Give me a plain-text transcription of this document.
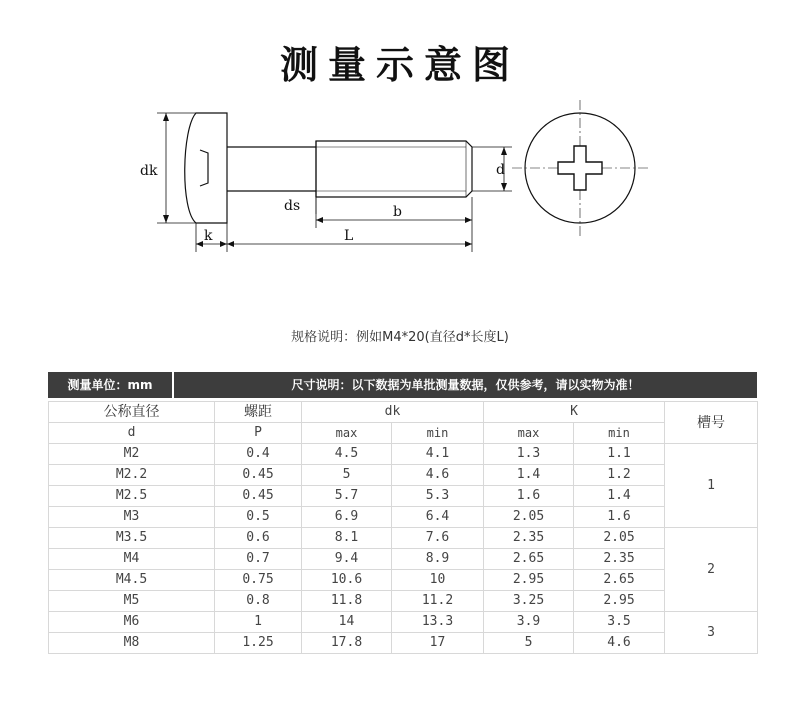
测量示意图
dk
k
ds	b
L
d
规格说明：例如M4*20(直径d*长度L)
测量单位：mm	尺寸说明：以下数据为单批测量数据，仅供参考，请以实物为准！
公称直径	螺距	dk		K		槽号
d	P	max	min	max	min	
M2	0.4	4.5	4.1	1.3	1.1	1
M2.2	0.45	5	4.6	1.4	1.2	
M2.5	0.45	5.7	5.3	1.6	1.4	
M3	0.5	6.9	6.4	2.05	1.6	
M3.5	0.6	8.1	7.6	2.35	2.05	2
M4	0.7	9.4	8.9	2.65	2.35	
M4.5	0.75	10.6	10	2.95	2.65	
M5	0.8	11.8	11.2	3.25	2.95	
M6	1	14	13.3	3.9	3.5	3
M8	1.25	17.8	17	5	4.6	
